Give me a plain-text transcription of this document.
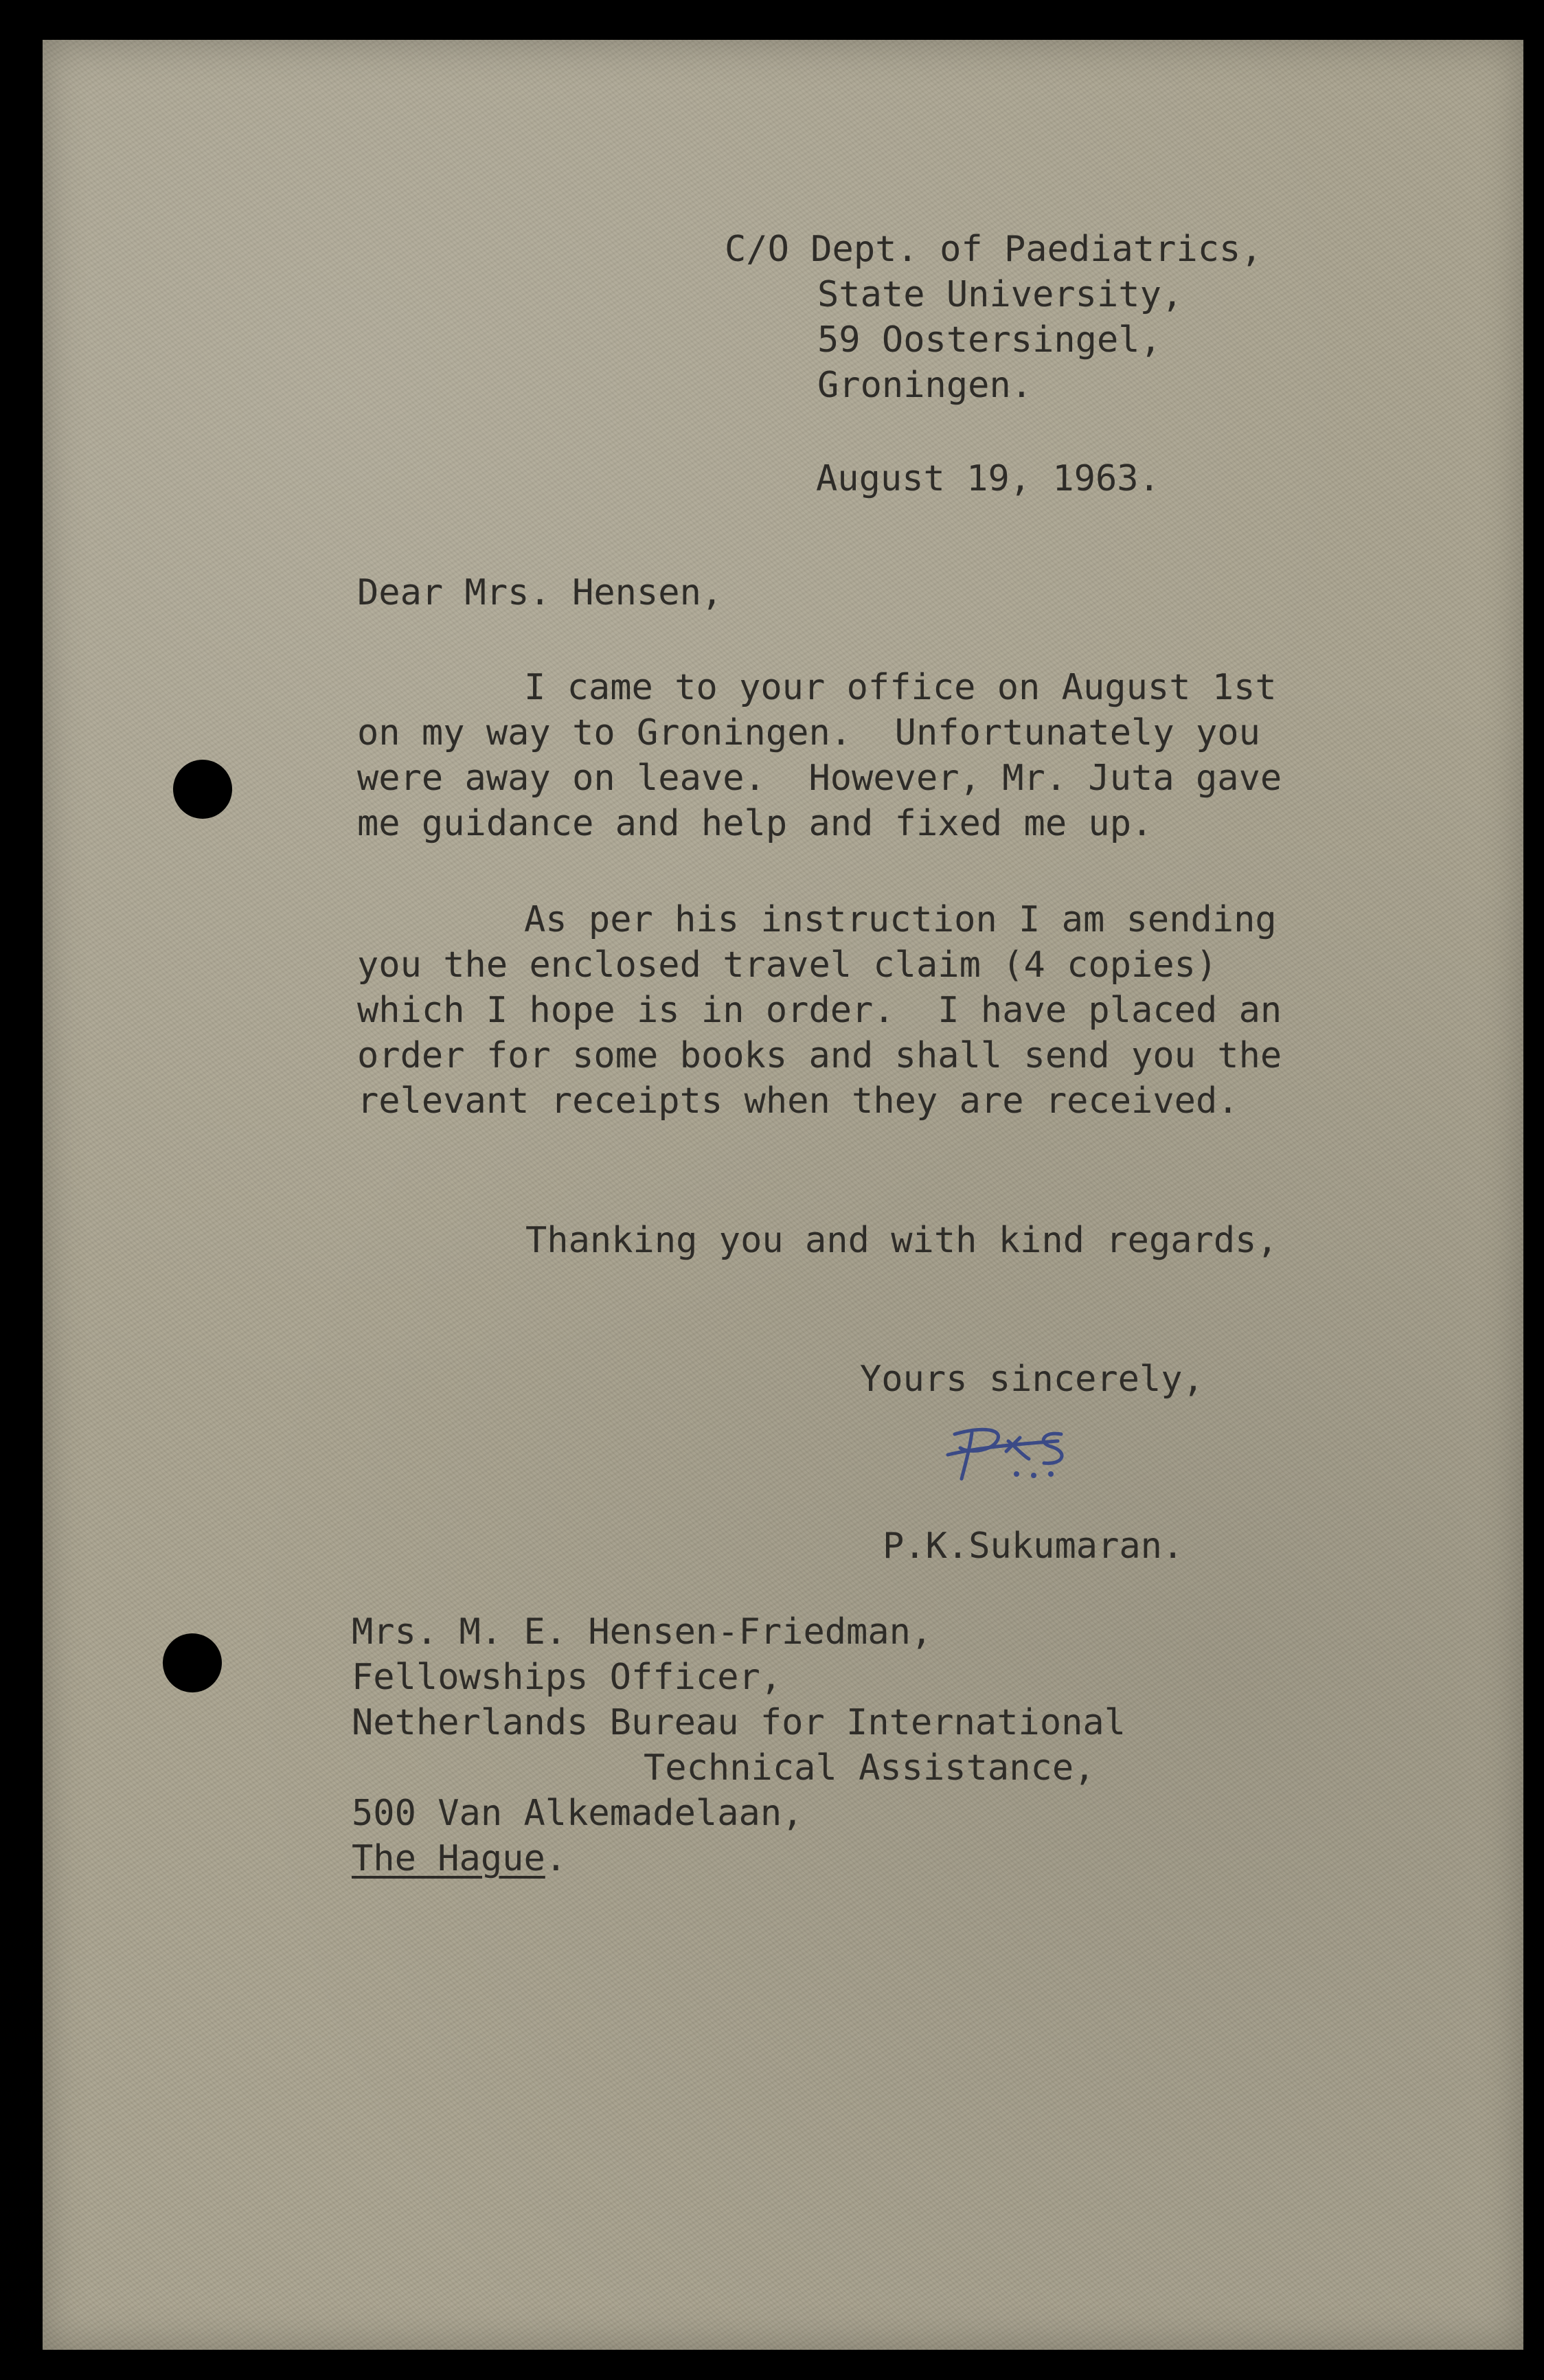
C/O Dept. of Paediatrics,
State University,
59 Oostersingel,
Groningen.
August 19, 1963.
Dear Mrs. Hensen,
I came to your office on August 1st
on my way to Groningen.  Unfortunately you
were away on leave.  However, Mr. Juta gave
me guidance and help and fixed me up.
As per his instruction I am sending
you the enclosed travel claim (4 copies)
which I hope is in order.  I have placed an
order for some books and shall send you the
relevant receipts when they are received.
Thanking you and with kind regards,
Yours sincerely,
P.K.Sukumaran.
Mrs. M. E. Hensen-Friedman,
Fellowships Officer,
Netherlands Bureau for International
Technical Assistance,
500 Van Alkemadelaan,
The Hague.
